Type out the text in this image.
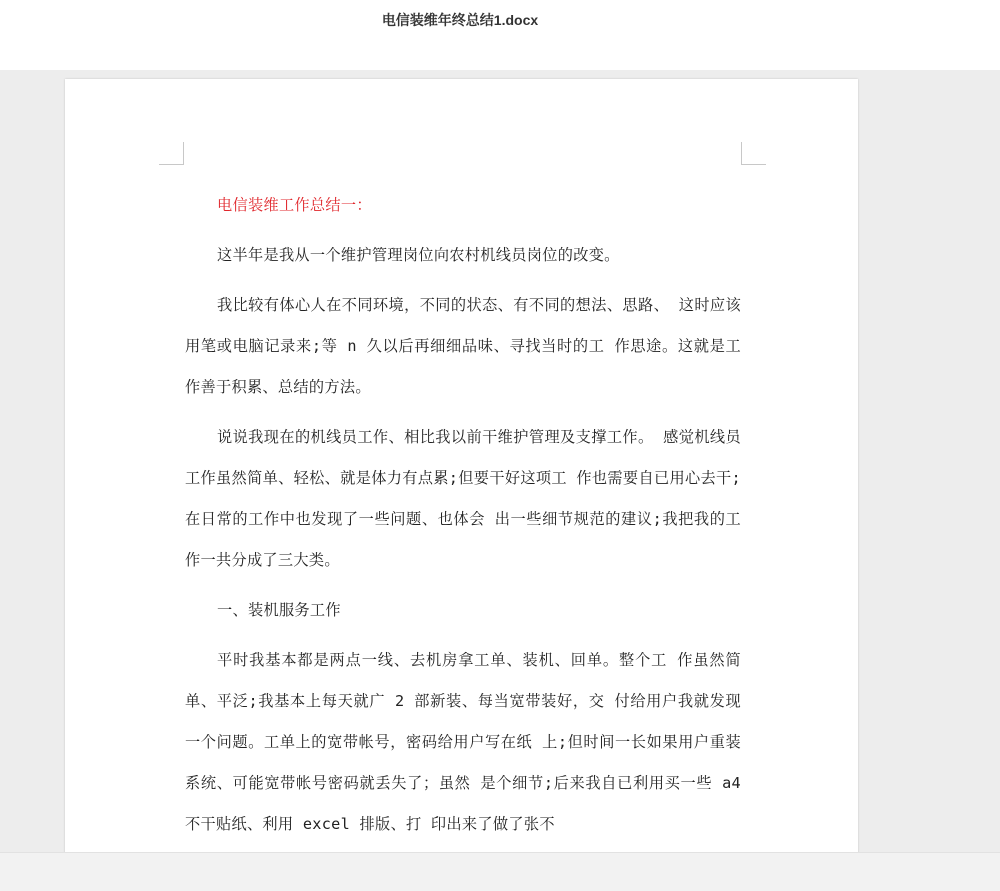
电信装维年终总结1.docx

电信装维工作总结一：

这半年是我从一个维护管理岗位向农村机线员岗位的改变。

我比较有体心人在不同环境，不同的状态、有不同的想法、思路、 这时应该用笔或电脑记录来;等 n 久以后再细细品味、寻找当时的工 作思途。这就是工作善于积累、总结的方法。

说说我现在的机线员工作、相比我以前干维护管理及支撑工作。 感觉机线员工作虽然简单、轻松、就是体力有点累;但要干好这项工 作也需要自已用心去干;在日常的工作中也发现了一些问题、也体会 出一些细节规范的建议;我把我的工作一共分成了三大类。

一、装机服务工作

平时我基本都是两点一线、去机房拿工单、装机、回单。整个工 作虽然简单、平泛;我基本上每天就广 2 部新装、每当宽带装好，交 付给用户我就发现一个问题。工单上的宽带帐号，密码给用户写在纸 上;但时间一长如果用户重装系统、可能宽带帐号密码就丢失了；虽然 是个细节;后来我自已利用买一些 a4 不干贴纸、利用 excel 排版、打 印出来了做了张不
